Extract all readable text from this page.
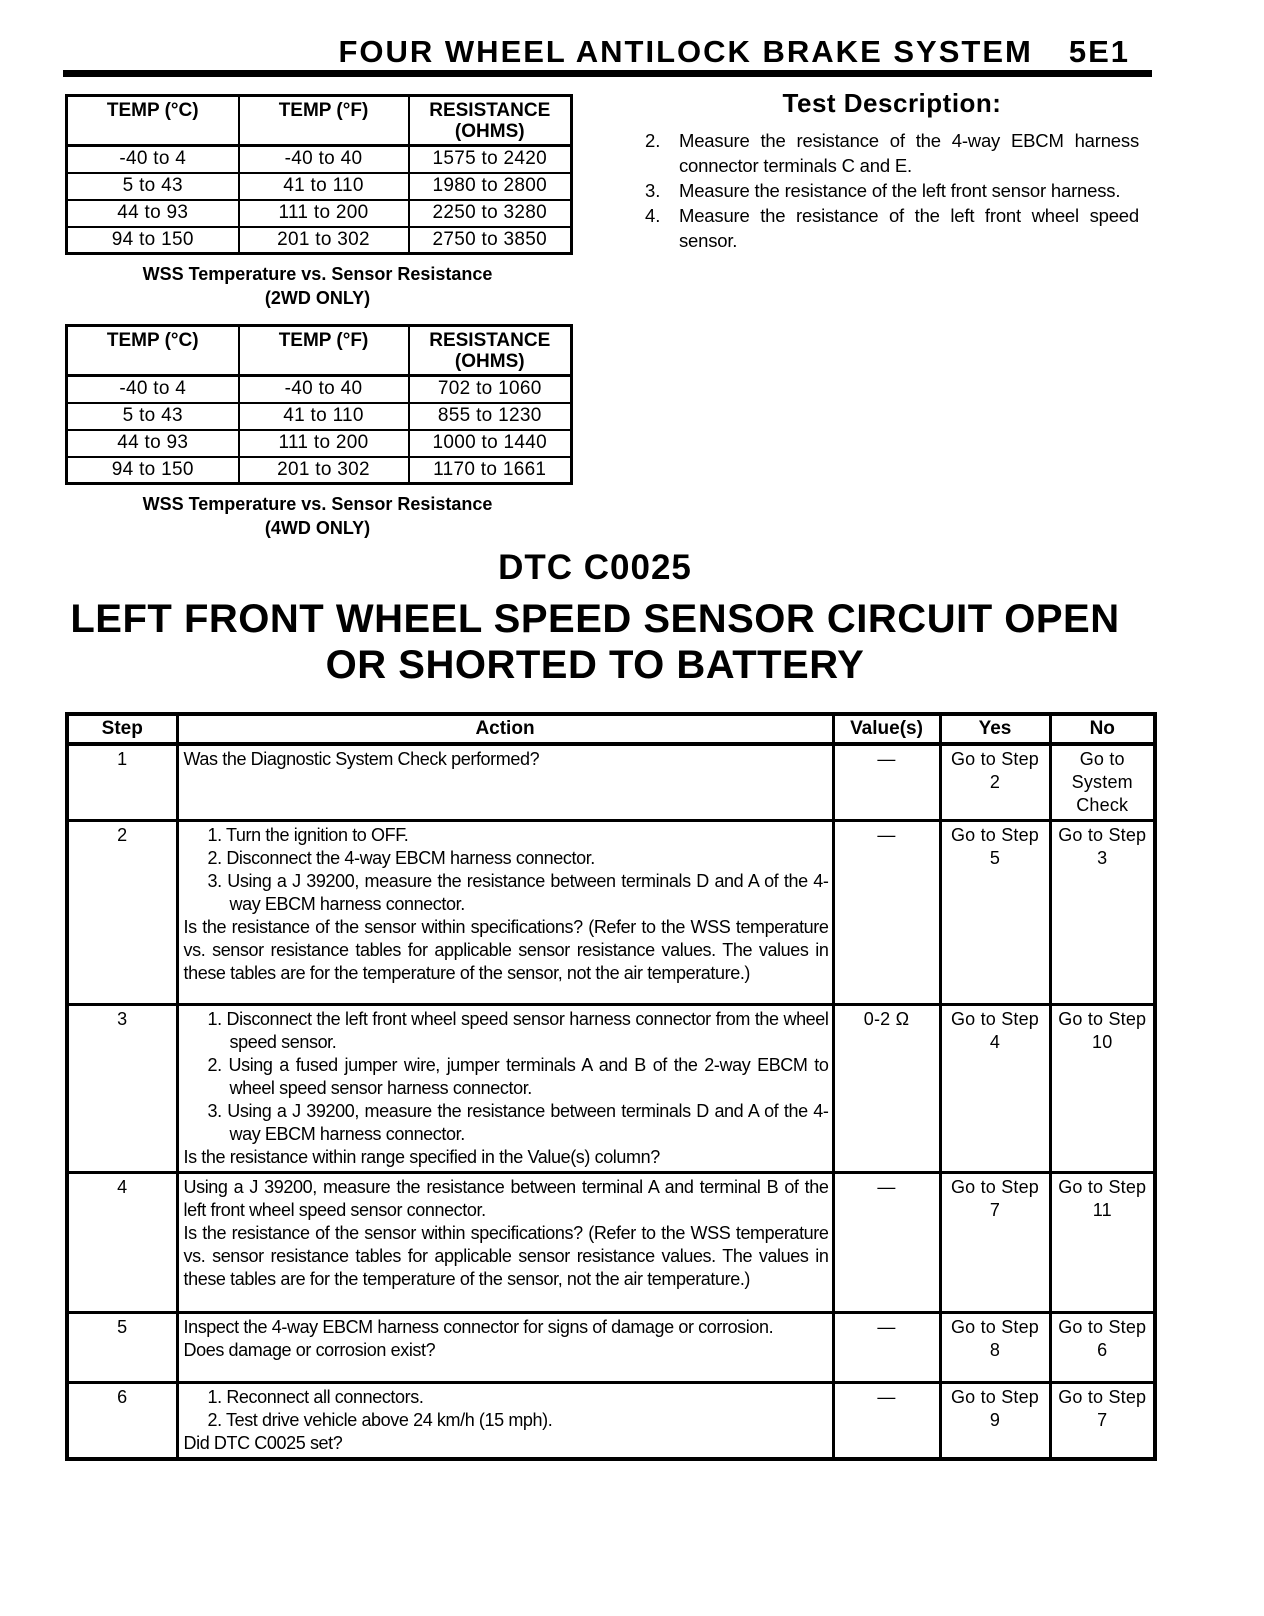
FOUR WHEEL ANTILOCK BRAKE SYSTEM 5E1
TEMP (°C)	TEMP (°F)	RESISTANCE (OHMS)
-40 to 4	-40 to 40	1575 to 2420
5 to 43	41 to 110	1980 to 2800
44 to 93	111 to 200	2250 to 3280
94 to 150	201 to 302	2750 to 3850
WSS Temperature vs. Sensor Resistance
(2WD ONLY)
TEMP (°C)	TEMP (°F)	RESISTANCE (OHMS)
-40 to 4	-40 to 40	702 to 1060
5 to 43	41 to 110	855 to 1230
44 to 93	111 to 200	1000 to 1440
94 to 150	201 to 302	1170 to 1661
WSS Temperature vs. Sensor Resistance
(4WD ONLY)
Test Description:
2.	Measure the resistance of the 4-way EBCM harness connector terminals C and E.
3.	Measure the resistance of the left front sensor harness.
4.	Measure the resistance of the left front wheel speed sensor.
DTC C0025
LEFT FRONT WHEEL SPEED SENSOR CIRCUIT OPEN
OR SHORTED TO BATTERY
Step	Action	Value(s)	Yes	No
1	Was the Diagnostic System Check performed?	—	Go to Step 2	Go to System Check
2	1. Turn the ignition to OFF.
2. Disconnect the 4-way EBCM harness connector.
3. Using a J 39200, measure the resistance between terminals D and A of the 4-way EBCM harness connector.
Is the resistance of the sensor within specifications? (Refer to the WSS temperature vs. sensor resistance tables for applicable sensor resistance values. The values in these tables are for the temperature of the sensor, not the air temperature.)	—	Go to Step 5	Go to Step 3
3	1. Disconnect the left front wheel speed sensor harness connector from the wheel speed sensor.
2. Using a fused jumper wire, jumper terminals A and B of the 2-way EBCM to wheel speed sensor harness connector.
3. Using a J 39200, measure the resistance between terminals D and A of the 4-way EBCM harness connector.
Is the resistance within range specified in the Value(s) column?	0-2 Ω	Go to Step 4	Go to Step 10
4	Using a J 39200, measure the resistance between terminal A and terminal B of the left front wheel speed sensor connector.
Is the resistance of the sensor within specifications? (Refer to the WSS temperature vs. sensor resistance tables for applicable sensor resistance values. The values in these tables are for the temperature of the sensor, not the air temperature.)	—	Go to Step 7	Go to Step 11
5	Inspect the 4-way EBCM harness connector for signs of damage or corrosion.
Does damage or corrosion exist?	—	Go to Step 8	Go to Step 6
6	1. Reconnect all connectors.
2. Test drive vehicle above 24 km/h (15 mph).
Did DTC C0025 set?	—	Go to Step 9	Go to Step 7
